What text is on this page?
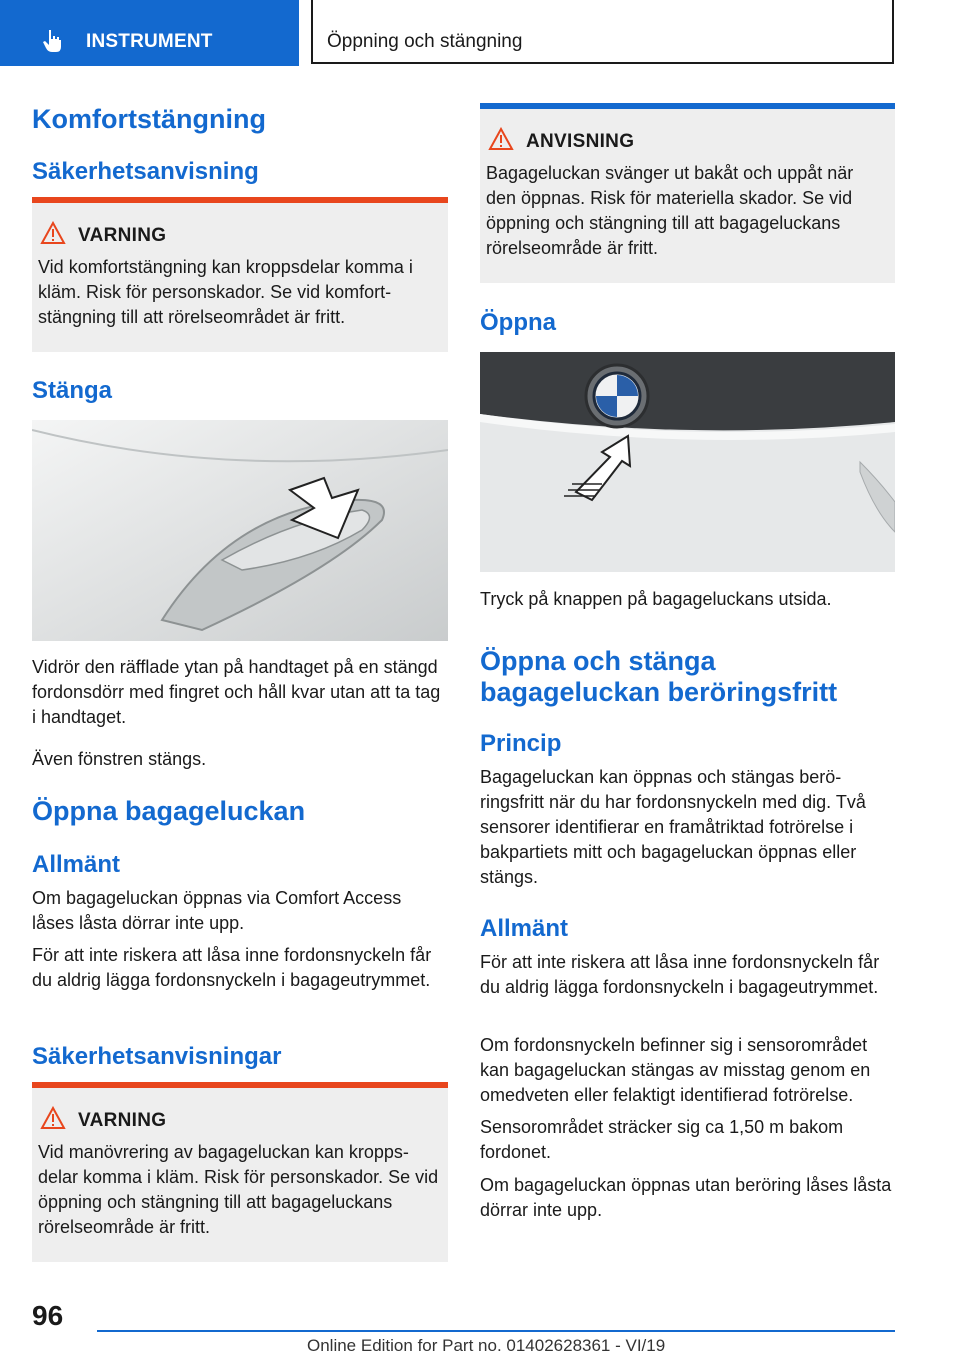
INSTRUMENT	Öppning och stängning
Komfortstängning
Säkerhetsanvisning
VARNING
Vid komfortstängning kan kroppsdelar komma i kläm. Risk för personskador. Se vid komfortstängning till att rörelseområdet är fritt.
Stänga
Vidrör den räfflade ytan på handtaget på en stängd fordonsdörr med fingret och håll kvar utan att ta tag i handtaget.
Även fönstren stängs.
Öppna bagageluckan
Allmänt
Om bagageluckan öppnas via Comfort Access låses låsta dörrar inte upp.
För att inte riskera att låsa inne fordonsnyckeln får du aldrig lägga fordonsnyckeln i bagageutrymmet.
Säkerhetsanvisningar
VARNING
Vid manövrering av bagageluckan kan kroppsdelar komma i kläm. Risk för personskador. Se vid öppning och stängning till att bagageluckans rörelseområde är fritt.
ANVISNING
Bagageluckan svänger ut bakåt och uppåt när den öppnas. Risk för materiella skador. Se vid öppning och stängning till att bagageluckans rörelseområde är fritt.
Öppna
Tryck på knappen på bagageluckans utsida.
Öppna och stänga bagageluckan beröringsfritt
Princip
Bagageluckan kan öppnas och stängas beröringsfritt när du har fordonsnyckeln med dig. Två sensorer identifierar en framåtriktad fotrörelse i bakpartiets mitt och bagageluckan öppnas eller stängs.
Allmänt
För att inte riskera att låsa inne fordonsnyckeln får du aldrig lägga fordonsnyckeln i bagageutrymmet.
Om fordonsnyckeln befinner sig i sensorområdet kan bagageluckan stängas av misstag genom en omedveten eller felaktigt identifierad fotrörelse.
Sensorområdet sträcker sig ca 1,50 m bakom fordonet.
Om bagageluckan öppnas utan beröring låses låsta dörrar inte upp.
96
Online Edition for Part no. 01402628361 - VI/19
